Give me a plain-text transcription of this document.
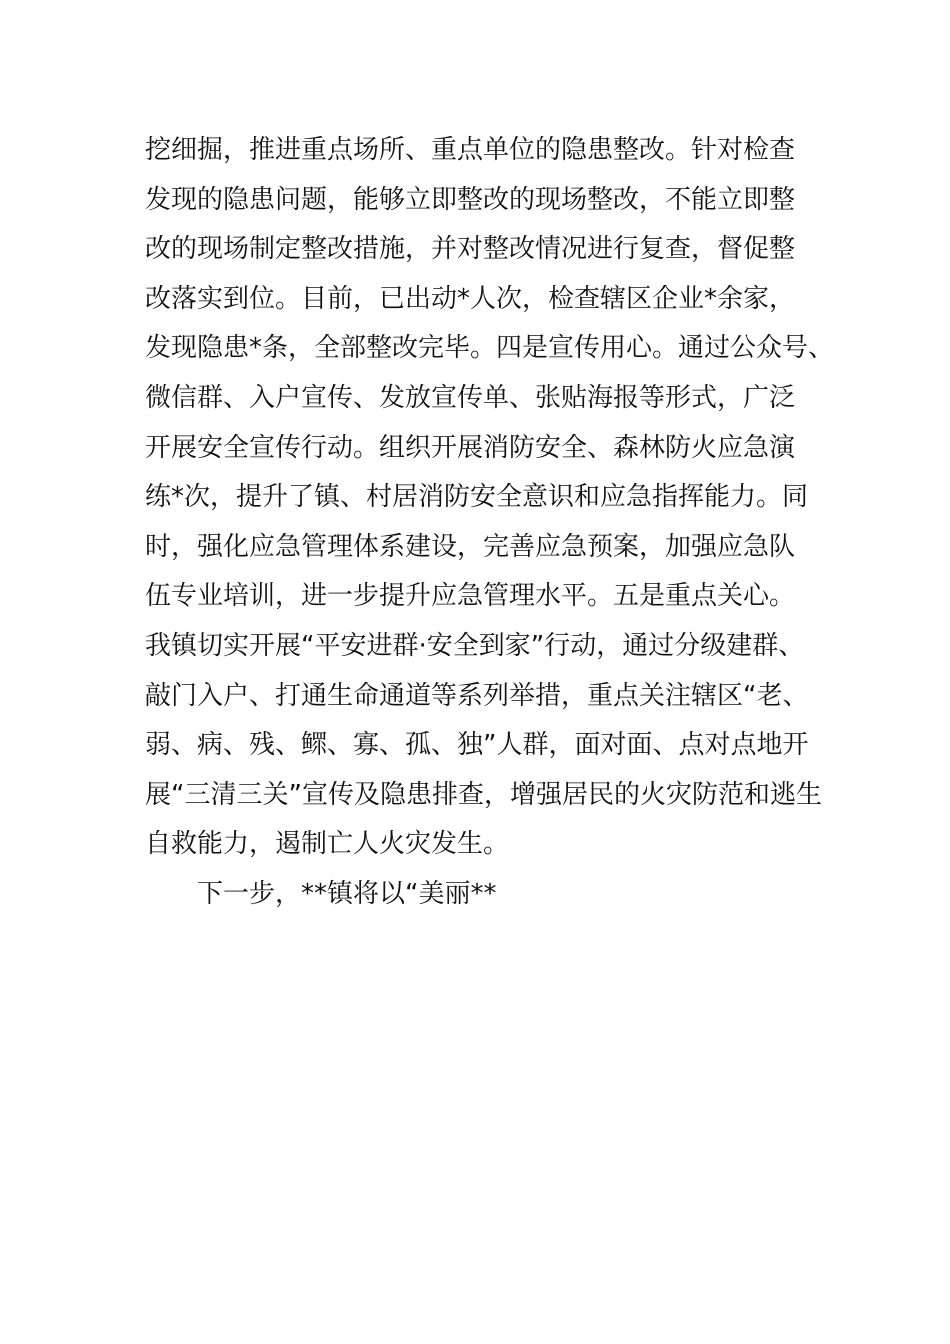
挖细掘，推进重点场所、重点单位的隐患整改。针对检查
发现的隐患问题，能够立即整改的现场整改，不能立即整
改的现场制定整改措施，并对整改情况进行复查，督促整
改落实到位。目前，已出动*人次，检查辖区企业*余家，
发现隐患*条，全部整改完毕。四是宣传用心。通过公众号、
微信群、入户宣传、发放宣传单、张贴海报等形式，广泛
开展安全宣传行动。组织开展消防安全、森林防火应急演
练*次，提升了镇、村居消防安全意识和应急指挥能力。同
时，强化应急管理体系建设，完善应急预案，加强应急队
伍专业培训，进一步提升应急管理水平。五是重点关心。
我镇切实开展“平安进群·安全到家”行动，通过分级建群、
敲门入户、打通生命通道等系列举措，重点关注辖区“老、
弱、病、残、鳏、寡、孤、独”人群，面对面、点对点地开
展“三清三关”宣传及隐患排查，增强居民的火灾防范和逃生
自救能力，遏制亡人火灾发生。
下一步，**镇将以“美丽**
